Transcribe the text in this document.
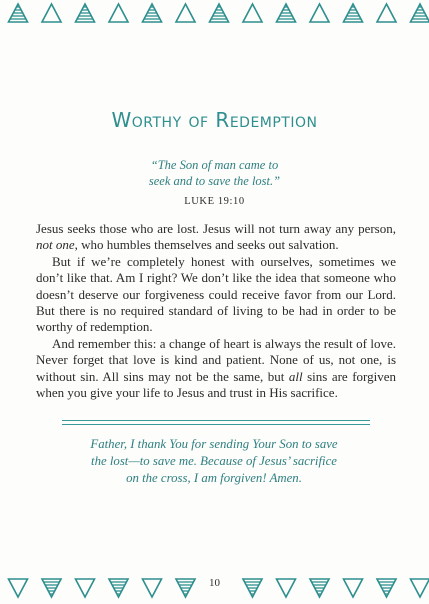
Worthy of Redemption
“The Son of man came to
seek and to save the lost.”
LUKE 19:10

Jesus seeks those who are lost. Jesus will not turn away any person, not one, who humbles themselves and seeks out salvation.

But if we’re completely honest with ourselves, sometimes we don’t like that. Am I right? We don’t like the idea that someone who doesn’t deserve our forgiveness could receive favor from our Lord. But there is no required standard of living to be had in order to be worthy of redemption.

And remember this: a change of heart is always the result of love. Never forget that love is kind and patient. None of us, not one, is without sin. All sins may not be the same, but all sins are forgiven when you give your life to Jesus and trust in His sacrifice.

Father, I thank You for sending Your Son to save
the lost—to save me. Because of Jesus’ sacrifice
on the cross, I am forgiven! Amen.
10
